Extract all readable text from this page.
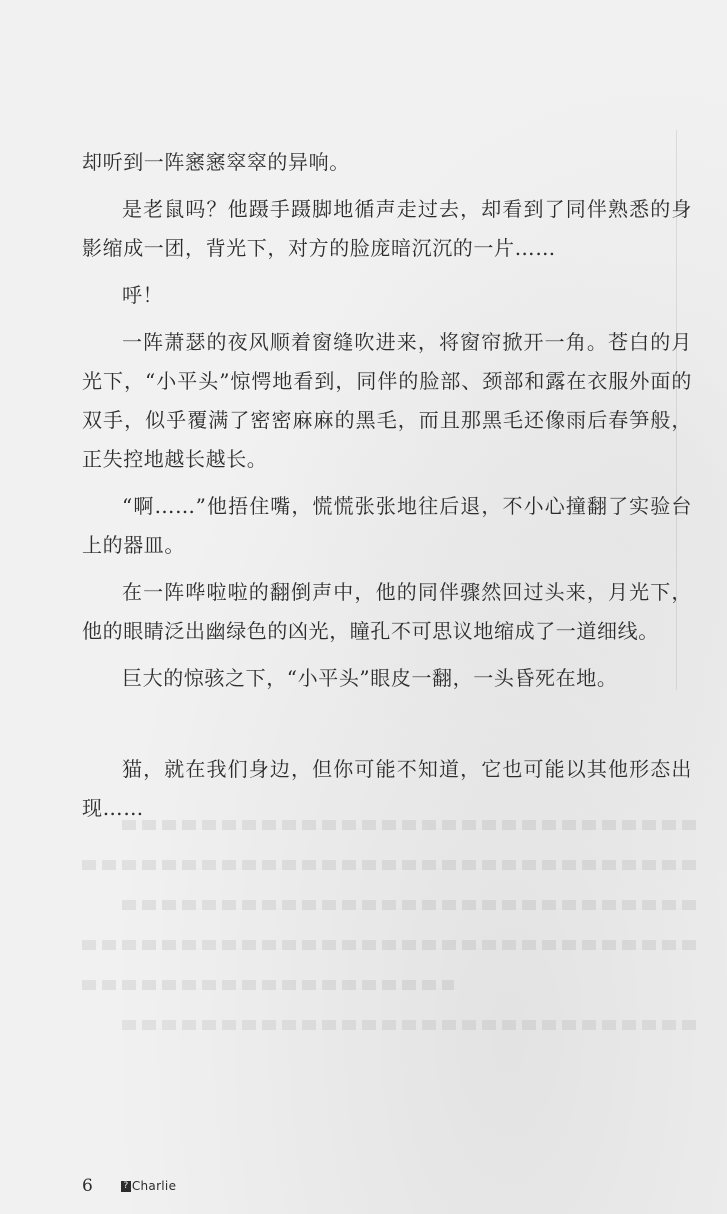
却听到一阵窸窸窣窣的异响。

是老鼠吗？他蹑手蹑脚地循声走过去，却看到了同伴熟悉的身影缩成一团，背光下，对方的脸庞暗沉沉的一片……

呼！

一阵萧瑟的夜风顺着窗缝吹进来，将窗帘掀开一角。苍白的月光下，“小平头”惊愕地看到，同伴的脸部、颈部和露在衣服外面的双手，似乎覆满了密密麻麻的黑毛，而且那黑毛还像雨后春笋般，正失控地越长越长。

“啊……”他捂住嘴，慌慌张张地往后退，不小心撞翻了实验台上的器皿。

在一阵哗啦啦的翻倒声中，他的同伴骤然回过头来，月光下，他的眼睛泛出幽绿色的凶光，瞳孔不可思议地缩成了一道细线。

巨大的惊骇之下，“小平头”眼皮一翻，一头昏死在地。

猫，就在我们身边，但你可能不知道，它也可能以其他形态出现……

6	? Charlie
